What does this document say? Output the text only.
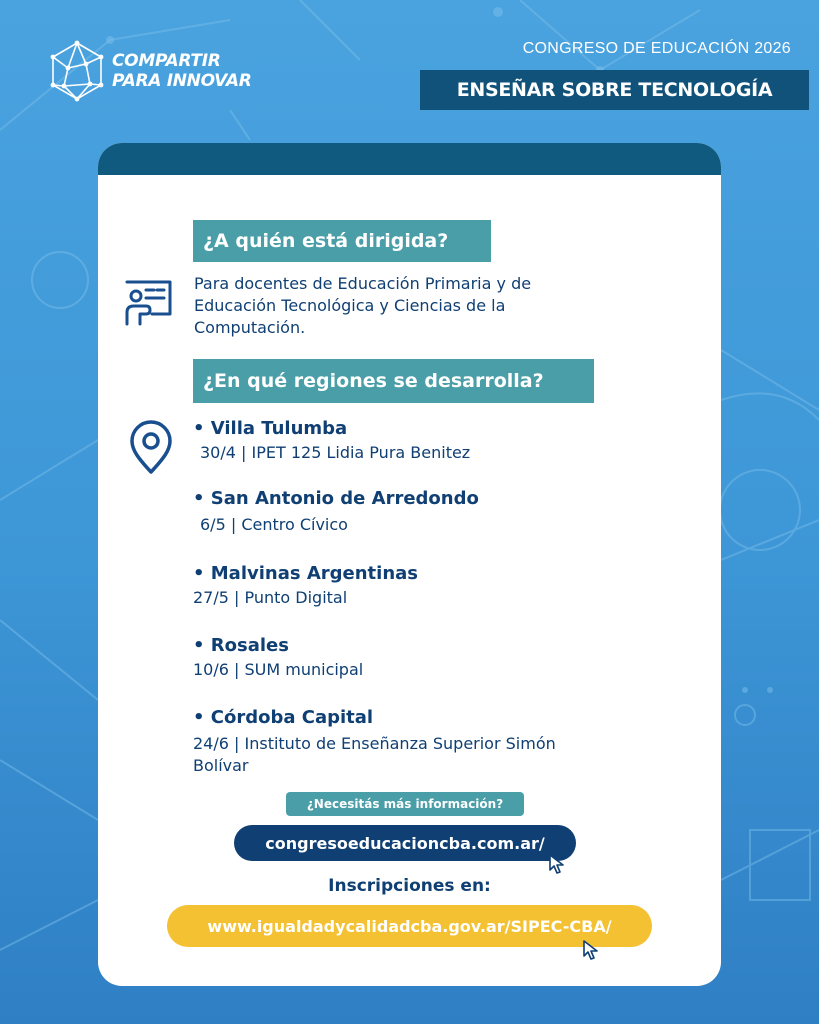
COMPARTIR
PARA INNOVAR
CONGRESO DE EDUCACIÓN 2026
ENSEÑAR SOBRE TECNOLOGÍA
¿A quién está dirigida?
Para docentes de Educación Primaria y de
Educación Tecnológica y Ciencias de la
Computación.
¿En qué regiones se desarrolla?
• Villa Tulumba
30/4 | IPET 125 Lidia Pura Benitez
• San Antonio de Arredondo
6/5 | Centro Cívico
• Malvinas Argentinas
27/5 | Punto Digital
• Rosales
10/6 | SUM municipal
• Córdoba Capital
24/6 | Instituto de Enseñanza Superior Simón
Bolívar
¿Necesitás más información?
congresoeducacioncba.com.ar/
Inscripciones en:
www.igualdadycalidadcba.gov.ar/SIPEC-CBA/
